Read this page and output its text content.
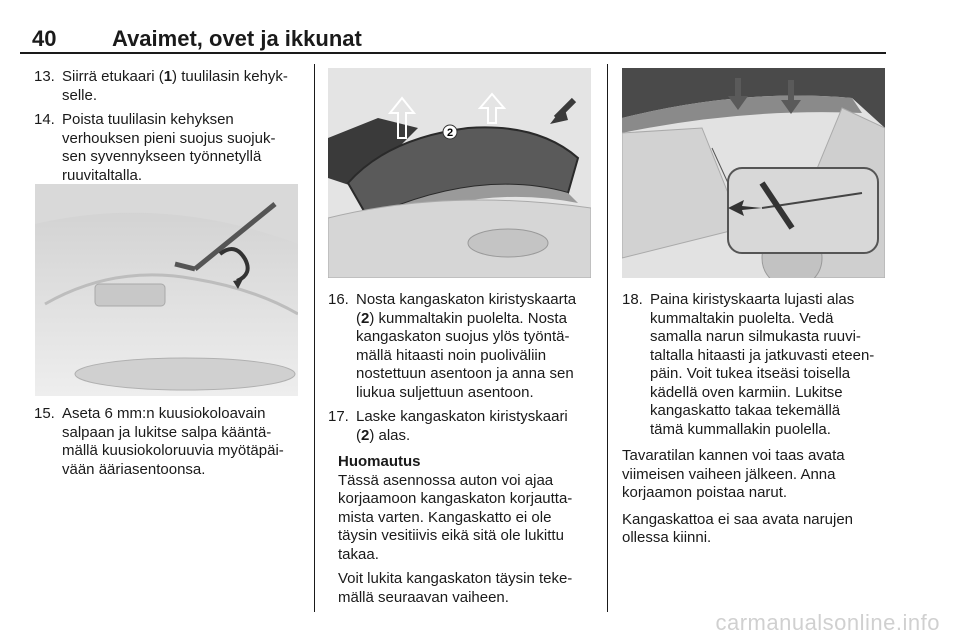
40	Avaimet, ovet ja ikkunat
13. Siirrä etukaari (1) tuulilasin kehyk-

selle.

14. Poista tuulilasin kehyksen

verhouksen pieni suojus suojuk-

sen syvennykseen työnnetyllä

ruuvitaltalla.

15. Aseta 6 mm:n kuusiokoloavain

salpaan ja lukitse salpa kääntä-

mällä kuusiokoloruuvia myötäpäi-

vään ääriasentoonsa.

2
16. Nosta kangaskaton kiristyskaarta

(2) kummaltakin puolelta. Nosta

kangaskaton suojus ylös työntä-

mällä hitaasti noin puoliväliin

nostettuun asentoon ja anna sen

liukua suljettuun asentoon.

17. Laske kangaskaton kiristyskaari

(2) alas.

Huomautus

Tässä asennossa auton voi ajaa

korjaamoon kangaskaton korjautta-

mista varten. Kangaskatto ei ole

täysin vesitiivis eikä sitä ole lukittu

takaa.

Voit lukita kangaskaton täysin teke-

mällä seuraavan vaiheen.

18. Paina kiristyskaarta lujasti alas

kummaltakin puolelta. Vedä

samalla narun silmukasta ruuvi-

taltalla hitaasti ja jatkuvasti eteen-

päin. Voit tukea itseäsi toisella

kädellä oven karmiin. Lukitse

kangaskatto takaa tekemällä

tämä kummallakin puolella.

Tavaratilan kannen voi taas avata

viimeisen vaiheen jälkeen. Anna

korjaamon poistaa narut.

Kangaskattoa ei saa avata narujen

ollessa kiinni.

carmanualsonline.info
